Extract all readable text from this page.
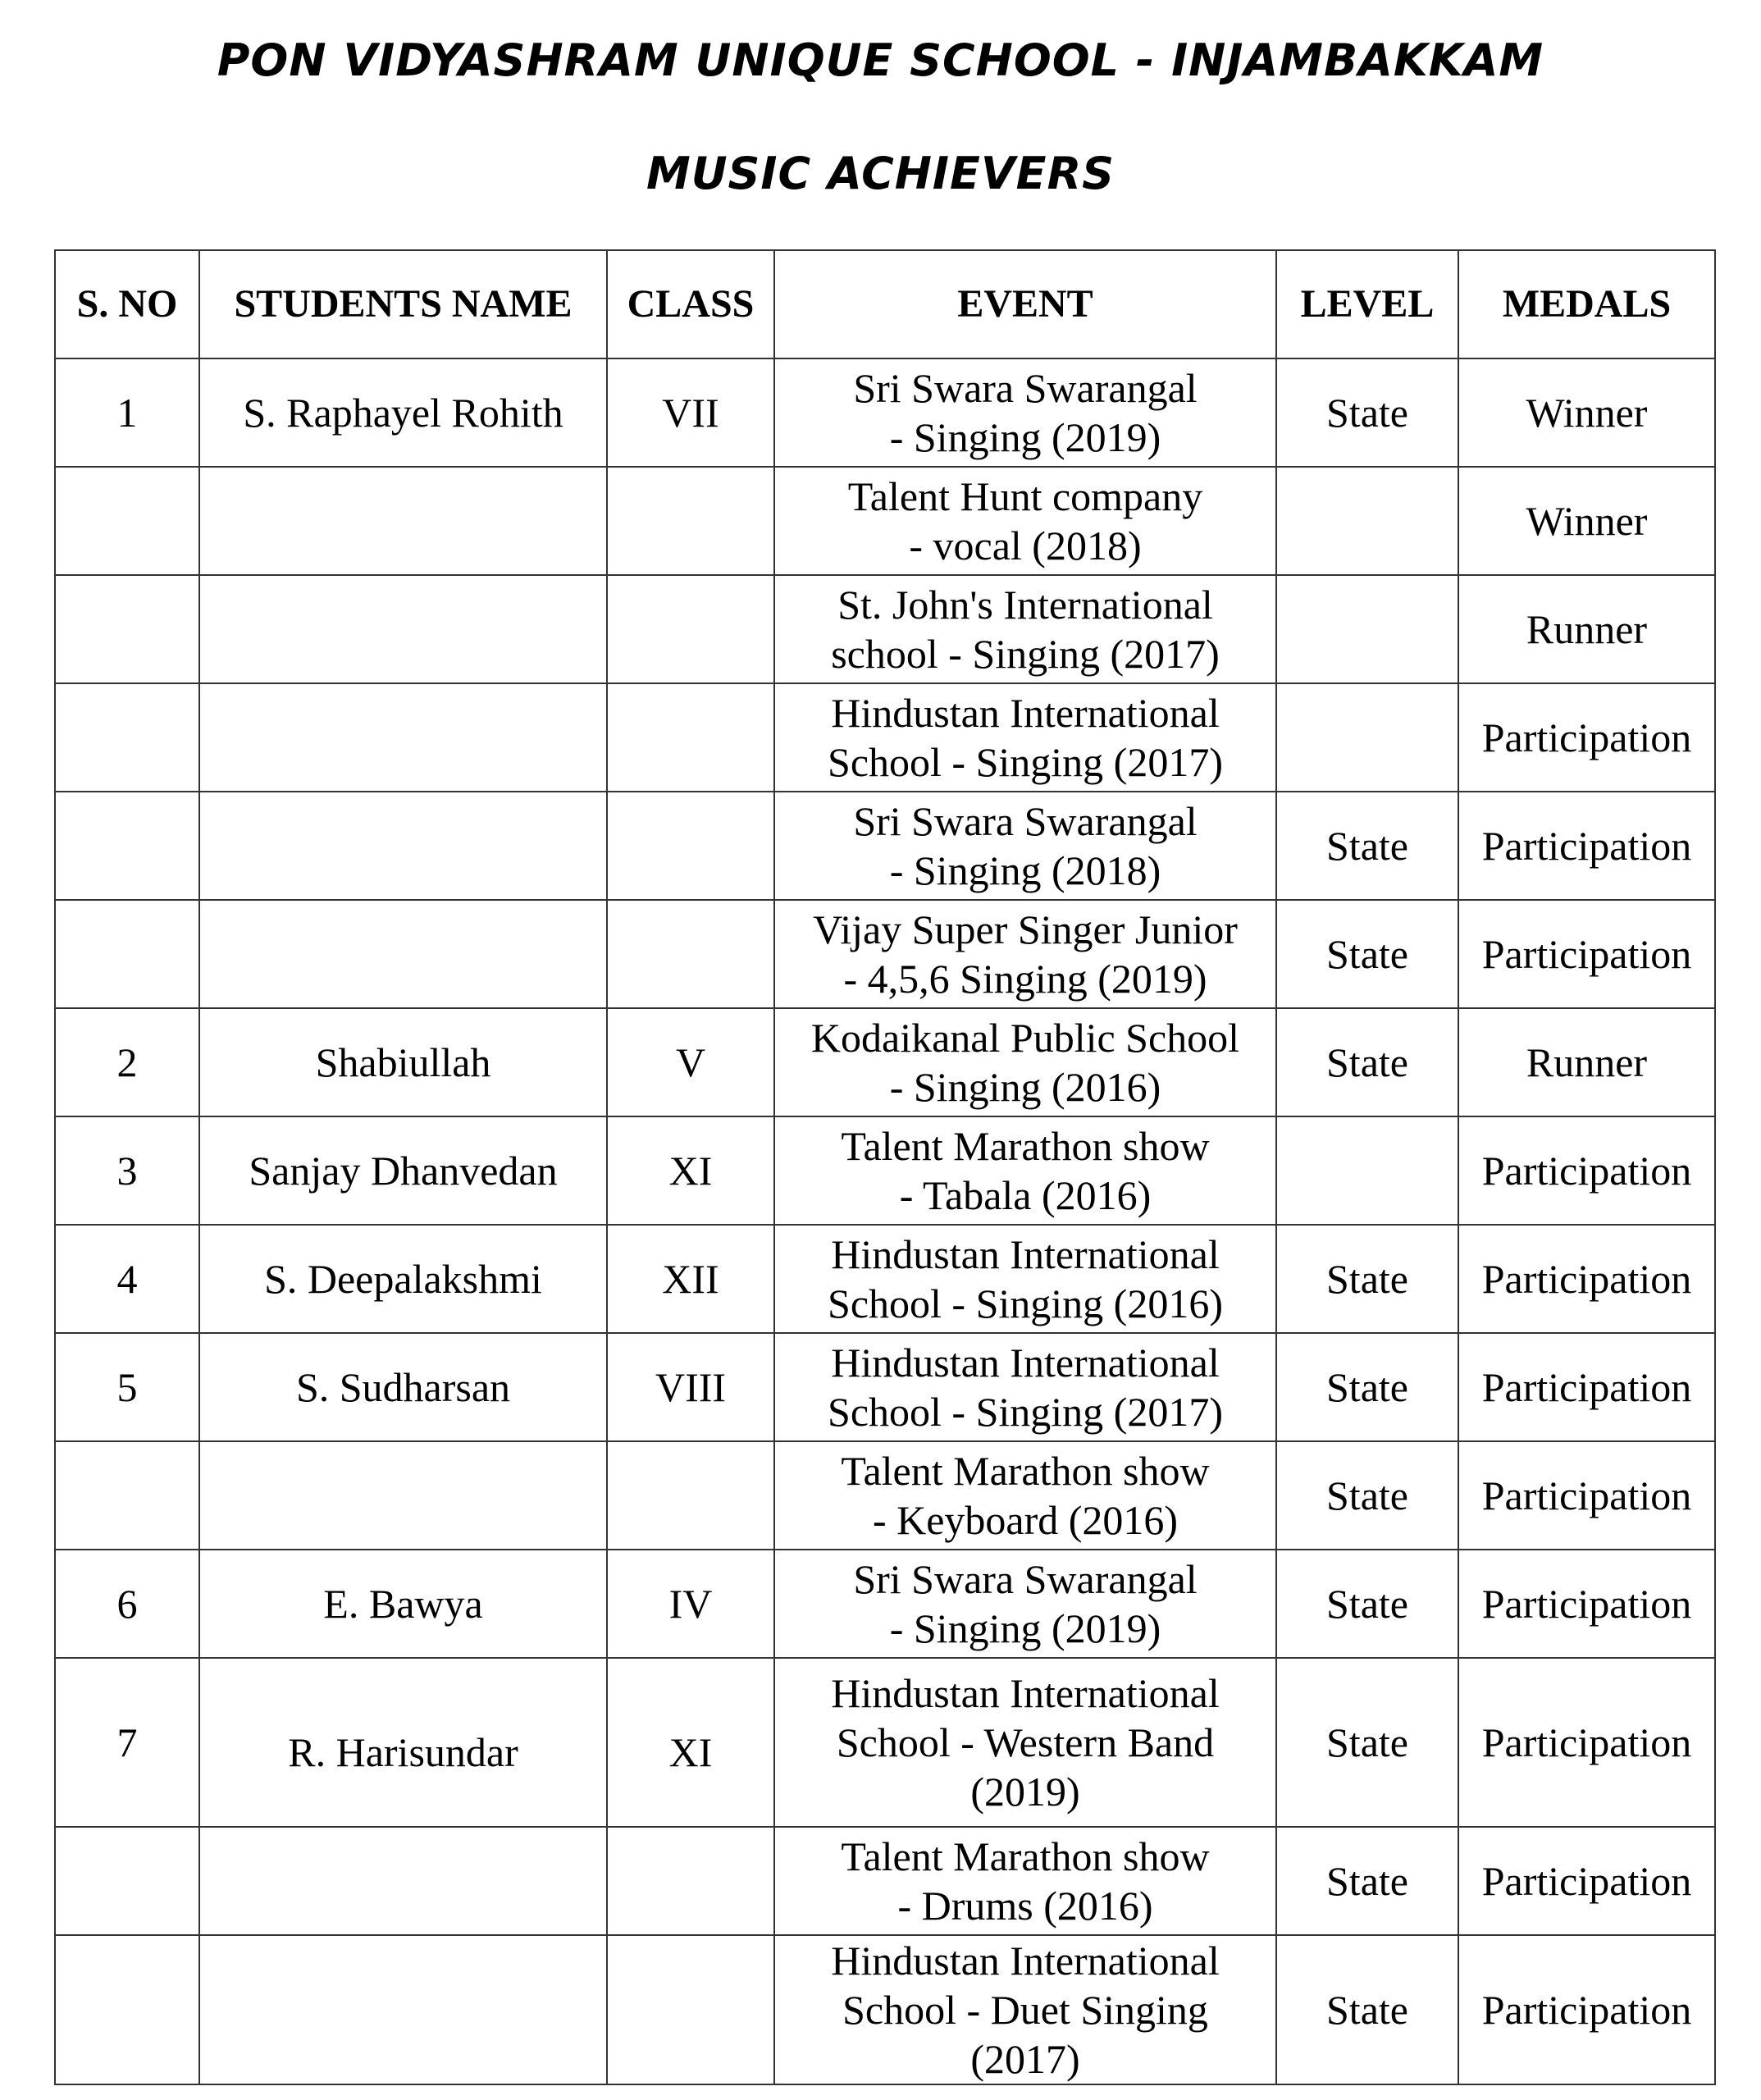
PON VIDYASHRAM UNIQUE SCHOOL - INJAMBAKKAM
MUSIC ACHIEVERS
S. NO	STUDENTS NAME	CLASS	EVENT	LEVEL	MEDALS
1	S. Raphayel Rohith	VII	Sri Swara Swarangal
- Singing (2019)	State	Winner

			Talent Hunt company
- vocal (2018)		Winner

			St. John's International
school - Singing (2017)		Runner

			Hindustan International
School - Singing (2017)		Participation

			Sri Swara Swarangal
- Singing (2018)	State	Participation

			Vijay Super Singer Junior
- 4,5,6 Singing (2019)	State	Participation
2	Shabiullah	V	Kodaikanal Public School
- Singing (2016)	State	Runner
3	Sanjay Dhanvedan	XI	Talent Marathon show
- Tabala (2016)		Participation
4	S. Deepalakshmi	XII	Hindustan International
School - Singing (2016)	State	Participation
5	S. Sudharsan	VIII	Hindustan International
School - Singing (2017)	State	Participation

			Talent Marathon show
- Keyboard (2016)	State	Participation
6	E. Bawya	IV	Sri Swara Swarangal
- Singing (2019)	State	Participation
7	R. Harisundar	XI	Hindustan International
School - Western Band
(2019)	State	Participation

			Talent Marathon show
- Drums (2016)	State	Participation

			Hindustan International
School - Duet Singing
(2017)	State	Participation
